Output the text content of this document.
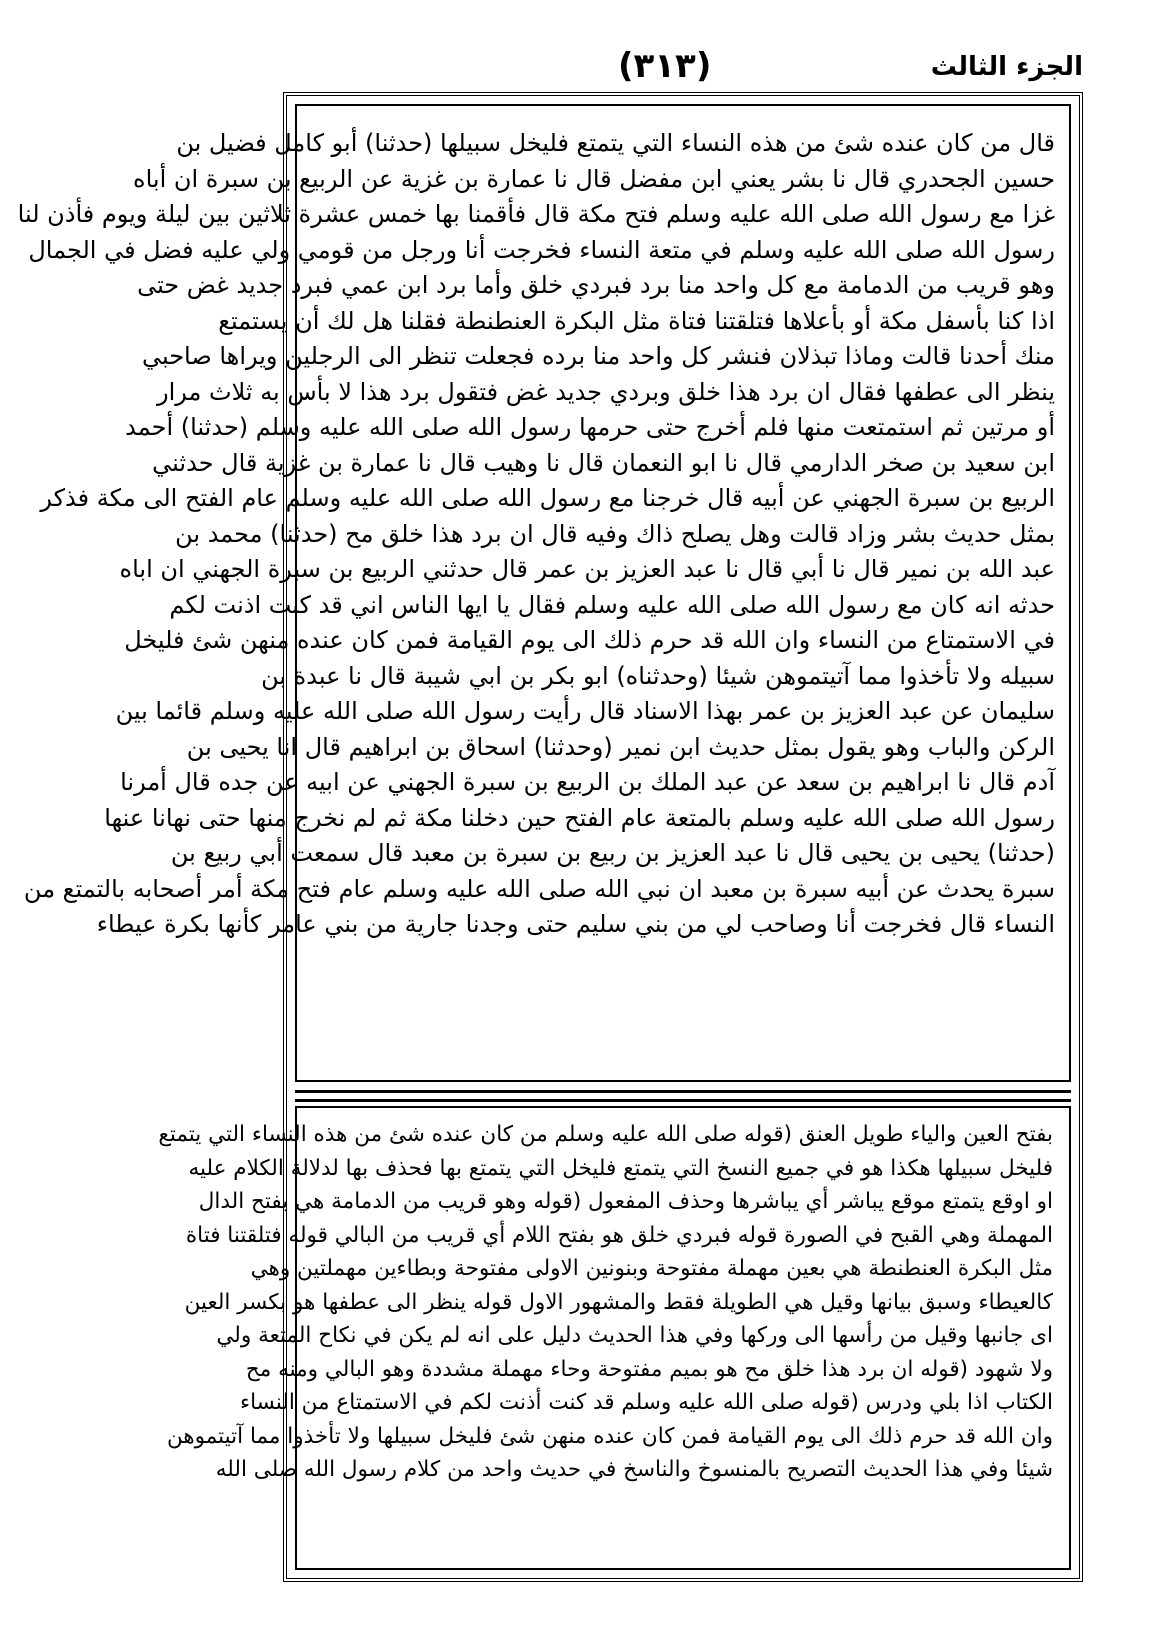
الجزء الثالث
(٣١٣)
قال من كان عنده شئ من هذه النساء التي يتمتع فليخل سبيلها (حدثنا) أبو كامل فضيل بن
حسين الجحدري قال نا بشر يعني ابن مفضل قال نا عمارة بن غزية عن الربيع بن سبرة ان أباه
غزا مع رسول الله صلى الله عليه وسلم فتح مكة قال فأقمنا بها خمس عشرة ثلاثين بين ليلة ويوم فأذن لنا
رسول الله صلى الله عليه وسلم في متعة النساء فخرجت أنا ورجل من قومي ولي عليه فضل في الجمال
وهو قريب من الدمامة مع كل واحد منا برد فبردي خلق وأما برد ابن عمي فبرد جديد غض حتى
اذا كنا بأسفل مكة أو بأعلاها فتلقتنا فتاة مثل البكرة العنطنطة فقلنا هل لك أن يستمتع
منك أحدنا قالت وماذا تبذلان فنشر كل واحد منا برده فجعلت تنظر الى الرجلين ويراها صاحبي
ينظر الى عطفها فقال ان برد هذا خلق وبردي جديد غض فتقول برد هذا لا بأس به ثلاث مرار
أو مرتين ثم استمتعت منها فلم أخرج حتى حرمها رسول الله صلى الله عليه وسلم (حدثنا) أحمد
ابن سعيد بن صخر الدارمي قال نا ابو النعمان قال نا وهيب قال نا عمارة بن غزية قال حدثني
الربيع بن سبرة الجهني عن أبيه قال خرجنا مع رسول الله صلى الله عليه وسلم عام الفتح الى مكة فذكر
بمثل حديث بشر وزاد قالت وهل يصلح ذاك وفيه قال ان برد هذا خلق مح (حدثنا) محمد بن
عبد الله بن نمير قال نا أبي قال نا عبد العزيز بن عمر قال حدثني الربيع بن سبرة الجهني ان اباه
حدثه انه كان مع رسول الله صلى الله عليه وسلم فقال يا ايها الناس اني قد كنت اذنت لكم
في الاستمتاع من النساء وان الله قد حرم ذلك الى يوم القيامة فمن كان عنده منهن شئ فليخل
سبيله ولا تأخذوا مما آتيتموهن شيئا (وحدثناه) ابو بكر بن ابي شيبة قال نا عبدة بن
سليمان عن عبد العزيز بن عمر بهذا الاسناد قال رأيت رسول الله صلى الله عليه وسلم قائما بين
الركن والباب وهو يقول بمثل حديث ابن نمير (وحدثنا) اسحاق بن ابراهيم قال انا يحيى بن
آدم قال نا ابراهيم بن سعد عن عبد الملك بن الربيع بن سبرة الجهني عن ابيه عن جده قال أمرنا
رسول الله صلى الله عليه وسلم بالمتعة عام الفتح حين دخلنا مكة ثم لم نخرج منها حتى نهانا عنها
(حدثنا) يحيى بن يحيى قال نا عبد العزيز بن ربيع بن سبرة بن معبد قال سمعت أبي ربيع بن
سبرة يحدث عن أبيه سبرة بن معبد ان نبي الله صلى الله عليه وسلم عام فتح مكة أمر أصحابه بالتمتع من
النساء قال فخرجت أنا وصاحب لي من بني سليم حتى وجدنا جارية من بني عامر كأنها بكرة عيطاء
بفتح العين والياء طويل العنق (قوله صلى الله عليه وسلم من كان عنده شئ من هذه النساء التي يتمتع
فليخل سبيلها هكذا هو في جميع النسخ التي يتمتع فليخل التي يتمتع بها فحذف بها لدلالة الكلام عليه
او اوقع يتمتع موقع يباشر أي يباشرها وحذف المفعول (قوله وهو قريب من الدمامة هي بفتح الدال
المهملة وهي القبح في الصورة قوله فبردي خلق هو بفتح اللام أي قريب من البالي قوله فتلقتنا فتاة
مثل البكرة العنطنطة هي بعين مهملة مفتوحة وبنونين الاولى مفتوحة وبطاءين مهملتين وهي
كالعيطاء وسبق بيانها وقيل هي الطويلة فقط والمشهور الاول قوله ينظر الى عطفها هو بكسر العين
اى جانبها وقيل من رأسها الى وركها وفي هذا الحديث دليل على انه لم يكن في نكاح المتعة ولي
ولا شهود (قوله ان برد هذا خلق مح هو بميم مفتوحة وحاء مهملة مشددة وهو البالي ومنه مح
الكتاب اذا بلي ودرس (قوله صلى الله عليه وسلم قد كنت أذنت لكم في الاستمتاع من النساء
وان الله قد حرم ذلك الى يوم القيامة فمن كان عنده منهن شئ فليخل سبيلها ولا تأخذوا مما آتيتموهن
شيئا وفي هذا الحديث التصريح بالمنسوخ والناسخ في حديث واحد من كلام رسول الله صلى الله
